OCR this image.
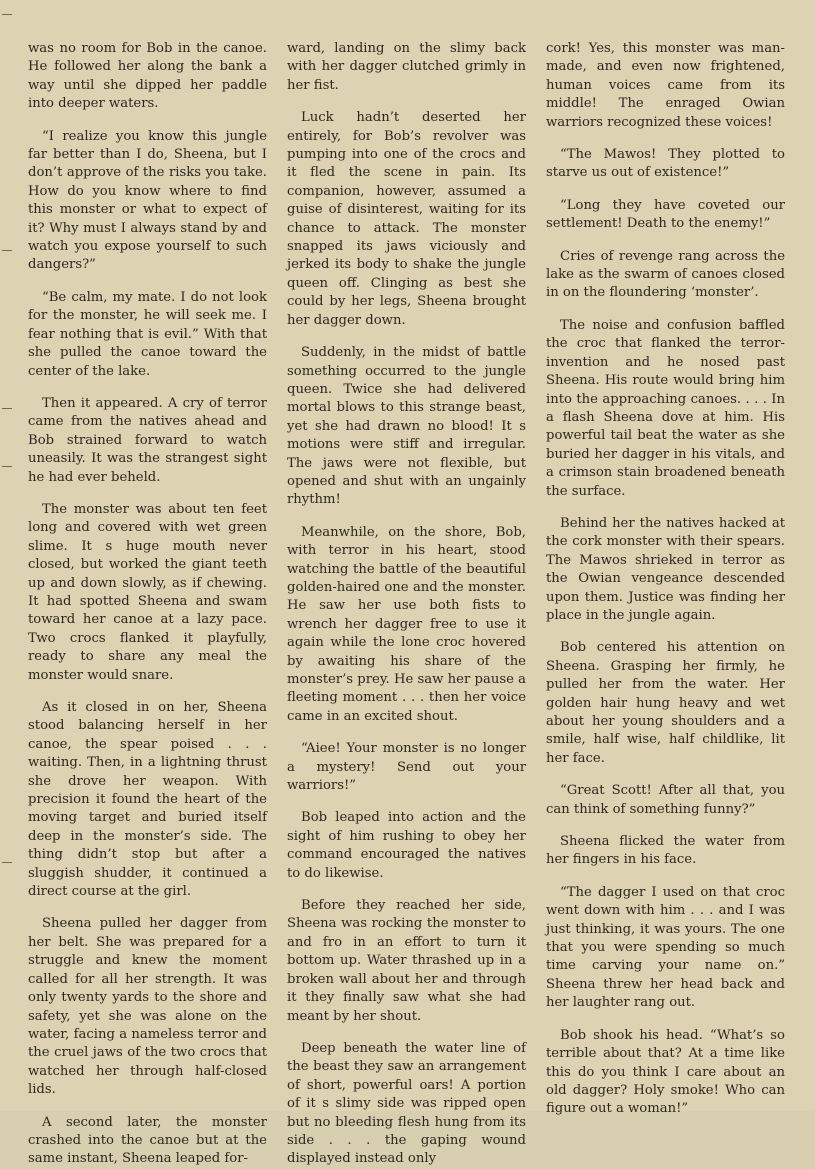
was no room for Bob in the canoe. He followed her along the bank a way until she dipped her paddle into deeper waters.

“I realize you know this jungle far better than I do, Sheena, but I don’t approve of the risks you take. How do you know where to find this monster or what to expect of it? Why must I always stand by and watch you expose yourself to such dangers?”

“Be calm, my mate. I do not look for the monster, he will seek me. I fear nothing that is evil.” With that she pulled the canoe toward the center of the lake.

Then it appeared. A cry of terror came from the natives ahead and Bob strained forward to watch uneasily. It was the strangest sight he had ever beheld.

The monster was about ten feet long and covered with wet green slime. It s huge mouth never closed, but worked the giant teeth up and down slowly, as if chewing. It had spotted Sheena and swam toward her canoe at a lazy pace. Two crocs flanked it playfully, ready to share any meal the monster would snare.

As it closed in on her, Sheena stood balancing herself in her canoe, the spear poised . . . waiting. Then, in a lightning thrust she drove her weapon. With precision it found the heart of the moving target and buried itself deep in the monster’s side. The thing didn’t stop but after a sluggish shudder, it continued a direct course at the girl.

Sheena pulled her dagger from her belt. She was prepared for a struggle and knew the moment called for all her strength. It was only twenty yards to the shore and safety, yet she was alone on the water, facing a nameless terror and the cruel jaws of the two crocs that watched her through half-closed lids.

A second later, the monster crashed into the canoe but at the same instant, Sheena leaped for-

ward, landing on the slimy back with her dagger clutched grimly in her fist.

Luck hadn’t deserted her entirely, for Bob’s revolver was pumping into one of the crocs and it fled the scene in pain. Its companion, however, assumed a guise of disinterest, waiting for its chance to attack. The monster snapped its jaws viciously and jerked its body to shake the jungle queen off. Clinging as best she could by her legs, Sheena brought her dagger down.

Suddenly, in the midst of battle something occurred to the jungle queen. Twice she had delivered mortal blows to this strange beast, yet she had drawn no blood! It s motions were stiff and irregular. The jaws were not flexible, but opened and shut with an ungainly rhythm!

Meanwhile, on the shore, Bob, with terror in his heart, stood watching the battle of the beautiful golden-haired one and the monster. He saw her use both fists to wrench her dagger free to use it again while the lone croc hovered by awaiting his share of the monster’s prey. He saw her pause a fleeting moment . . . then her voice came in an excited shout.

“Aiee! Your monster is no longer a mystery! Send out your warriors!”

Bob leaped into action and the sight of him rushing to obey her command encouraged the natives to do likewise.

Before they reached her side, Sheena was rocking the monster to and fro in an effort to turn it bottom up. Water thrashed up in a broken wall about her and through it they finally saw what she had meant by her shout.

Deep beneath the water line of the beast they saw an arrangement of short, powerful oars! A portion of it s slimy side was ripped open but no bleeding flesh hung from its side . . . the gaping wound displayed instead only

cork! Yes, this monster was man-made, and even now frightened, human voices came from its middle! The enraged Owian warriors recognized these voices!

“The Mawos! They plotted to starve us out of existence!”

“Long they have coveted our settlement! Death to the enemy!”

Cries of revenge rang across the lake as the swarm of canoes closed in on the floundering ‘monster’.

The noise and confusion baffled the croc that flanked the terror-invention and he nosed past Sheena. His route would bring him into the approaching canoes. . . . In a flash Sheena dove at him. His powerful tail beat the water as she buried her dagger in his vitals, and a crimson stain broadened beneath the surface.

Behind her the natives hacked at the cork monster with their spears. The Mawos shrieked in terror as the Owian vengeance descended upon them. Justice was finding her place in the jungle again.

Bob centered his attention on Sheena. Grasping her firmly, he pulled her from the water. Her golden hair hung heavy and wet about her young shoulders and a smile, half wise, half childlike, lit her face.

“Great Scott! After all that, you can think of something funny?”

Sheena flicked the water from her fingers in his face.

“The dagger I used on that croc went down with him . . . and I was just thinking, it was yours. The one that you were spending so much time carving your name on.” Sheena threw her head back and her laughter rang out.

Bob shook his head. “What’s so terrible about that? At a time like this do you think I care about an old dagger? Holy smoke! Who can figure out a woman!”
